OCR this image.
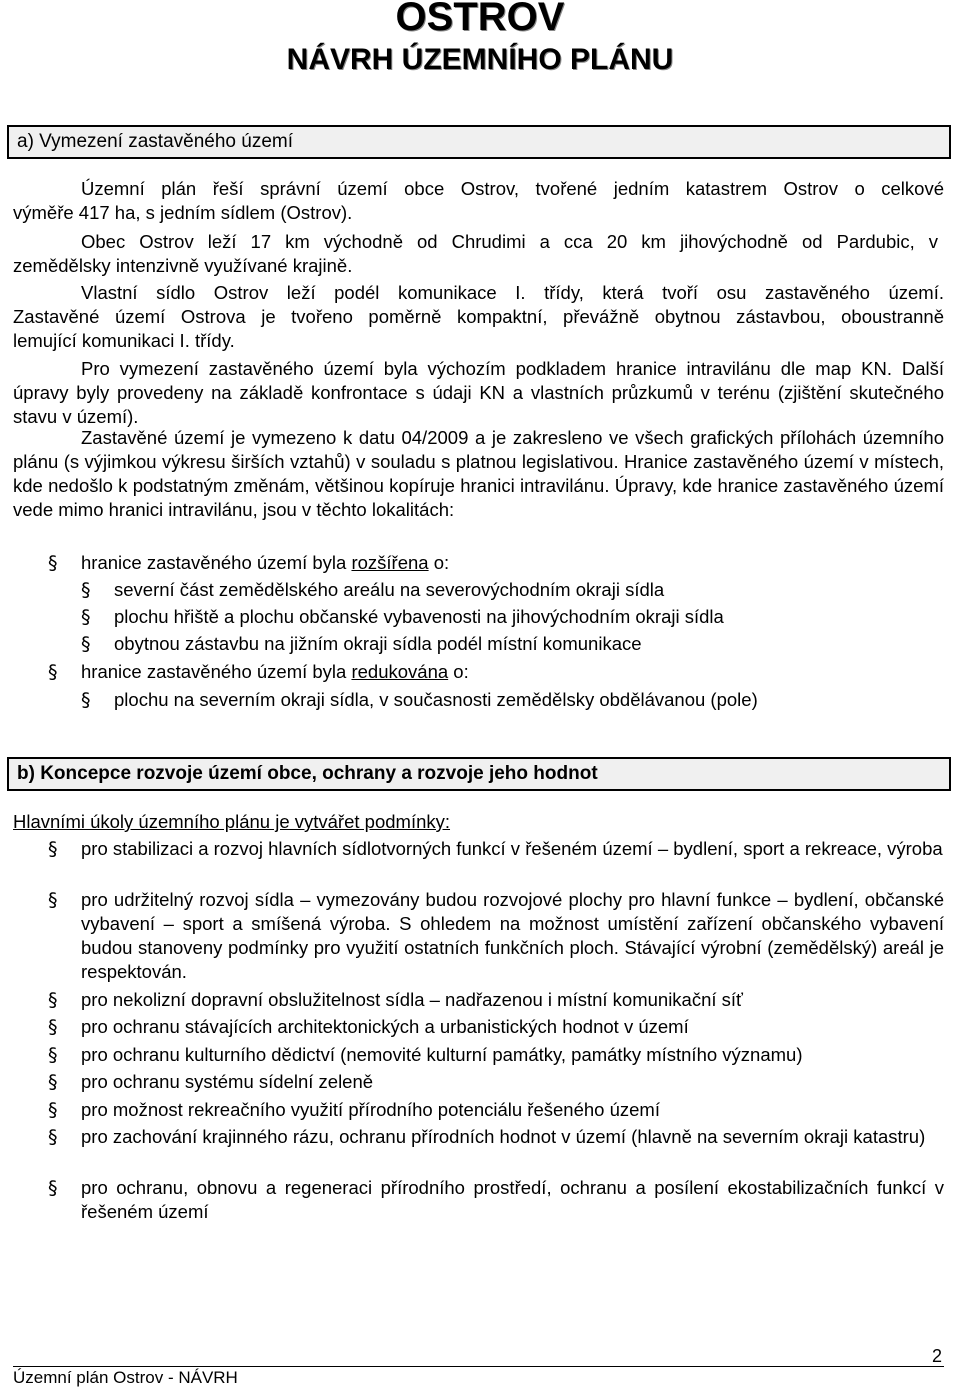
OSTROV
NÁVRH ÚZEMNÍHO PLÁNU
a) Vymezení zastavěného území
Územní plán řeší správní území obce Ostrov, tvořené jedním katastrem Ostrov o celkové
výměře 417 ha, s jedním sídlem (Ostrov).
Obec Ostrov leží 17 km východně od Chrudimi a cca 20 km jihovýchodně od Pardubic, v
zemědělsky intenzivně využívané krajině.
Vlastní sídlo Ostrov leží podél komunikace I. třídy, která tvoří osu zastavěného území.
Zastavěné území Ostrova je tvořeno poměrně kompaktní, převážně obytnou zástavbou, oboustranně
lemující komunikaci I. třídy.

Pro vymezení zastavěného území byla výchozím podkladem hranice intravilánu dle map KN. Další úpravy byly provedeny na základě konfrontace s údaji KN a vlastních průzkumů v terénu (zjištění skutečného stavu v území).

Zastavěné území je vymezeno k datu 04/2009 a je zakresleno ve všech grafických přílohách územního plánu (s výjimkou výkresu širších vztahů) v souladu s platnou legislativou. Hranice zastavěného území v místech, kde nedošlo k podstatným změnám, většinou kopíruje hranici intravilánu. Úpravy, kde hranice zastavěného území vede mimo hranici intravilánu, jsou v těchto lokalitách:

hranice zastavěného území byla rozšířena o:
§
severní část zemědělského areálu na severovýchodním okraji sídla
§
plochu hřiště a plochu občanské vybavenosti na jihovýchodním okraji sídla
§
obytnou zástavbu na jižním okraji sídla podél místní komunikace
§
hranice zastavěného území byla redukována o:
§
plochu na severním okraji sídla, v současnosti zemědělsky obdělávanou (pole)
§
b) Koncepce rozvoje území obce, ochrany a rozvoje jeho hodnot
Hlavními úkoly územního plánu je vytvářet podmínky:

pro stabilizaci a rozvoj hlavních sídlotvorných funkcí v řešeném území – bydlení, sport a rekreace, výroba

§

pro udržitelný rozvoj sídla – vymezovány budou rozvojové plochy pro hlavní funkce – bydlení, občanské vybavení – sport a smíšená výroba. S ohledem na možnost umístění zařízení občanského vybavení budou stanoveny podmínky pro využití ostatních funkčních ploch. Stávající výrobní (zemědělský) areál je respektován.

§
pro nekolizní dopravní obslužitelnost sídla – nadřazenou i místní komunikační síť
§
pro ochranu stávajících architektonických a urbanistických hodnot v území
§
pro ochranu kulturního dědictví (nemovité kulturní památky, památky místního významu)
§
pro ochranu systému sídelní zeleně
§
pro možnost rekreačního využití přírodního potenciálu řešeného území
§

pro zachování krajinného rázu, ochranu přírodních hodnot v území (hlavně na severním okraji katastru)

§

pro ochranu, obnovu a regeneraci přírodního prostředí, ochranu a posílení ekostabilizačních funkcí v řešeném území

§
2
Územní plán Ostrov - NÁVRH
